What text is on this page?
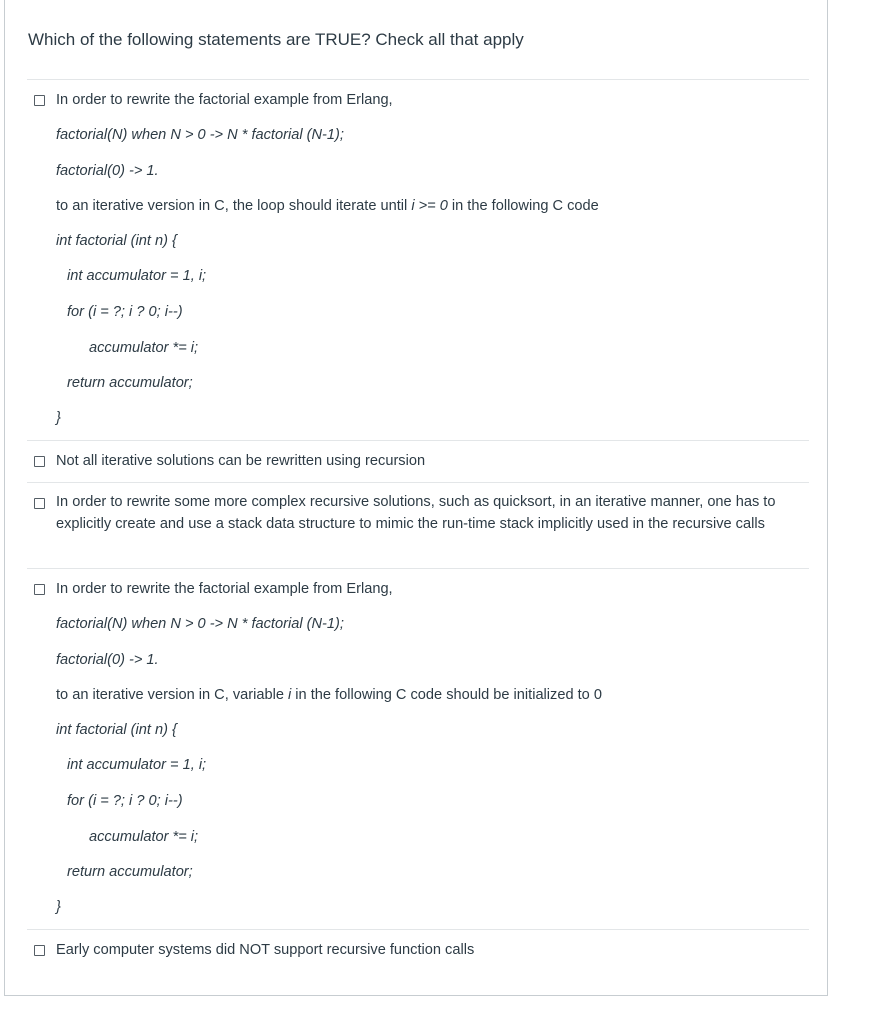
Which of the following statements are TRUE? Check all that apply
In order to rewrite the factorial example from Erlang,
factorial(N) when N > 0 -> N * factorial (N-1);
factorial(0) -> 1.
to an iterative version in C, the loop should iterate until i >= 0 in the following C code
int factorial (int n) {
int accumulator = 1, i;
for (i = ?; i ? 0; i--)
accumulator *= i;
return accumulator;
}
Not all iterative solutions can be rewritten using recursion
In order to rewrite some more complex recursive solutions, such as quicksort, in an iterative manner, one has to explicitly create and use a stack data structure to mimic the run-time stack implicitly used in the recursive calls
In order to rewrite the factorial example from Erlang,
factorial(N) when N > 0 -> N * factorial (N-1);
factorial(0) -> 1.
to an iterative version in C, variable i in the following C code should be initialized to 0
int factorial (int n) {
int accumulator = 1, i;
for (i = ?; i ? 0; i--)
accumulator *= i;
return accumulator;
}
Early computer systems did NOT support recursive function calls
